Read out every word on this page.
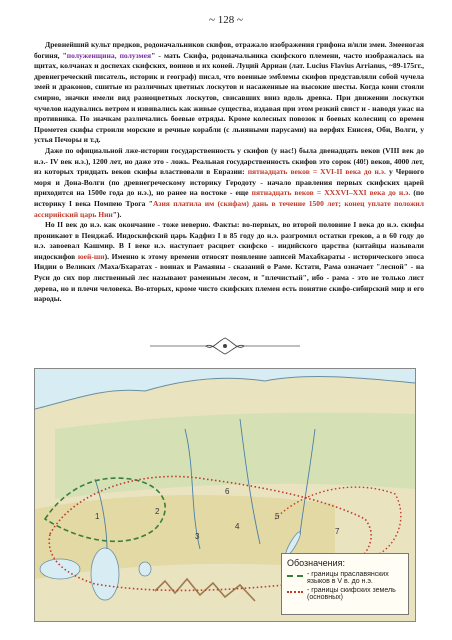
~ 128 ~

Древнейший культ предков, родоначальников скифов, отражало изображения грифона и/или змеи. Змееногая богиня, "полуженщина, полузмея" - мать Скифа, родоначальника скифского племени, часто изображалась на щитах, колчанах и доспехах скифских, воинов и их коней. Луций Арриан (лат. Lucius Flavius Arrianus, ~89-175гг., древнегреческий писатель, историк и географ) писал, что военные эмблемы скифов представляли собой чучела змей и драконов, сшитые из различных цветных лоскутов и насаженные на высокие шесты. Когда кони стояли смирно, значки имели вид разноцветных лоскутов, свисавших вниз вдоль древка. При движении лоскутки чучелов надувались ветром и извивались как живые существа, издавая при этом резкий свист и - наводя ужас на противника. По значкам различались боевые отряды. Кроме колесных повозок и боевых колесниц со времен Прометея скифы строили морские и речные корабли (с льняными парусами) на верфях Енисея, Оби, Волги, у устья Печоры и т.д.

Даже по официальной лже-истории государственность у скифов (у нас!) была двенадцать веков (VIII век до н.э.- IV век н.э.), 1200 лет, но даже это - ложь. Реальная государственность скифов это сорок (40!) веков, 4000 лет, из которых тридцать веков скифы властвовали в Евразии: пятнадцать веков = XVI-II века до н.э. у Черного моря и Дона-Волги (по древнегреческому историку Геродоту - начало правления первых скифских царей приходится на 1500е года до н.э.), но ранее на востоке - еще пятнадцать веков = XXXVI–XXI века до н.э. (по историку I века Помпею Трога "Азия платила им (скифам) дань в течение 1500 лет; конец уплате положил ассирийский царь Нин").

Но II век до н.э. как окончание - тоже неверно. Факты: во-первых, во второй половине I века до н.э. скифы проникают в Пенджаб. Индоскифский царь Кадфиз I в 85 году до н.э. разгромил остатки греков, а в 60 году до н.э. завоевал Кашмир. В I веке н.э. наступает расцвет скифско - индийского царства (китайцы называли индоскифов юей-ши). Именно к этому времени относят появление записей Махабхараты - исторического эпоса Индии о Великих /Маха/Бхаратах - воинах и Рамаяны - сказаний о Раме. Кстати, Рама означает "лесной" - на Руси до сих пор лиственный лес называют раменным лесом, и "плечистый", ибо - рама - это не только лист дерева, но и плечи человека. Во-вторых, кроме чисто скифских племен есть понятие скифо-сибирский мир и его народы.

1
2
3
4
5
6
7
Обозначения:
- границы праславянских языков в V в. до н.э.
- границы скифских земель (основных)
